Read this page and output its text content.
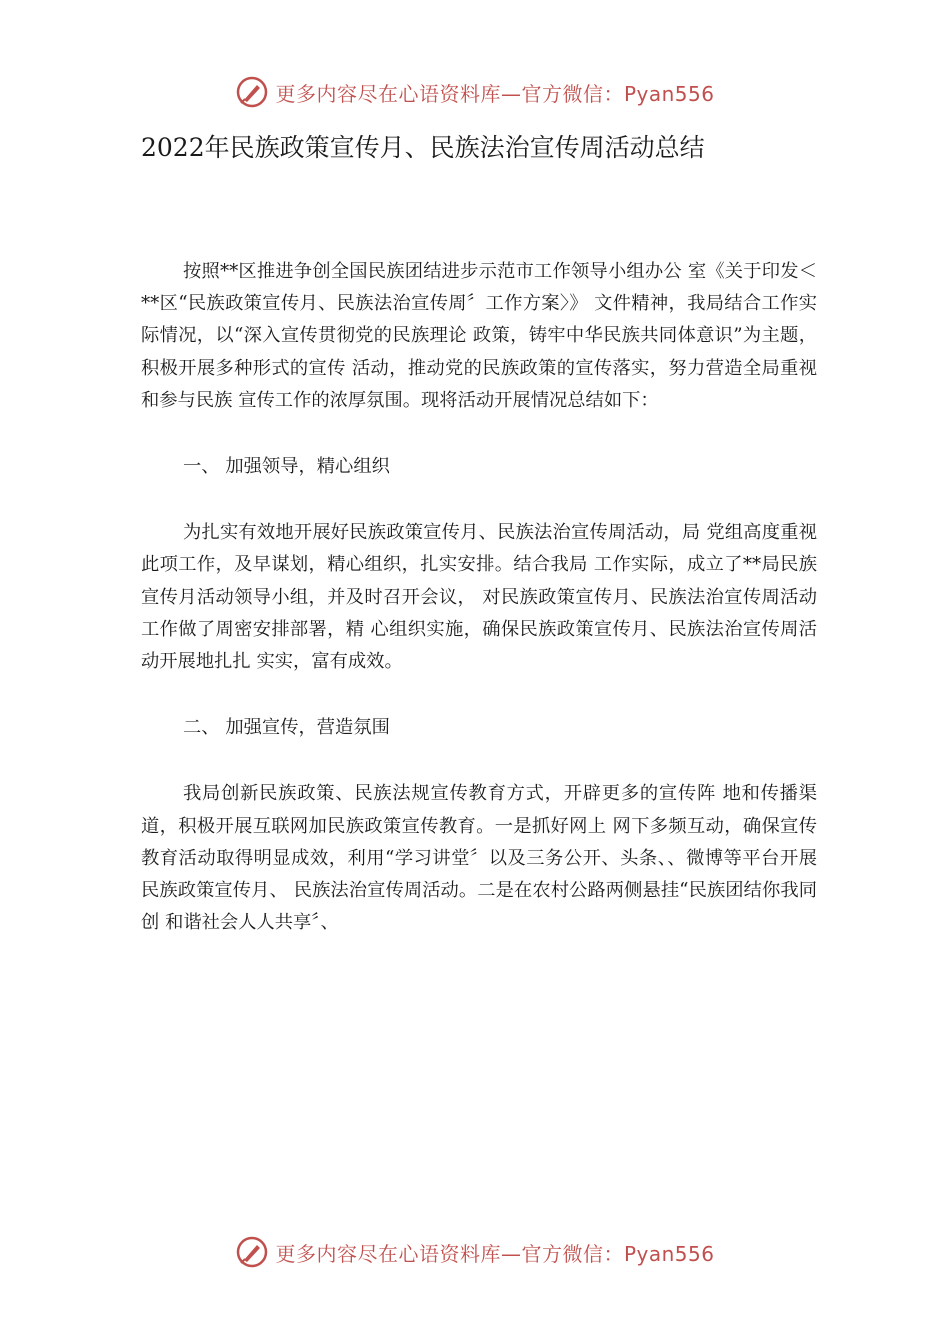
更多内容尽在心语资料库—官方微信：Pyan556
2022年民族政策宣传月、民族法治宣传周活动总结

按照**区推进争创全国民族团结进步示范市工作领导小组办公 室《关于印发＜**区“民族政策宣传月、民族法治宣传周〞工作方案〉》 文件精神，我局结合工作实际情况，以“深入宣传贯彻党的民族理论 政策，铸牢中华民族共同体意识”为主题，积极开展多种形式的宣传 活动，推动党的民族政策的宣传落实，努力营造全局重视和参与民族 宣传工作的浓厚氛围。现将活动开展情况总结如下：

一、 加强领导，精心组织

为扎实有效地开展好民族政策宣传月、民族法治宣传周活动，局 党组高度重视此项工作，及早谋划，精心组织，扎实安排。结合我局 工作实际，成立了**局民族宣传月活动领导小组，并及时召开会议， 对民族政策宣传月、民族法治宣传周活动工作做了周密安排部署，精 心组织实施，确保民族政策宣传月、民族法治宣传周活动开展地扎扎 实实，富有成效。

二、 加强宣传，营造氛围

我局创新民族政策、民族法规宣传教育方式，开辟更多的宣传阵 地和传播渠道，积极开展互联网加民族政策宣传教育。一是抓好网上 网下多频互动，确保宣传教育活动取得明显成效，利用“学习讲堂〞以及三务公开、头条、、微博等平台开展民族政策宣传月、 民族法治宣传周活动。二是在农村公路两侧悬挂“民族团结你我同创 和谐社会人人共享〞、

更多内容尽在心语资料库—官方微信：Pyan556
